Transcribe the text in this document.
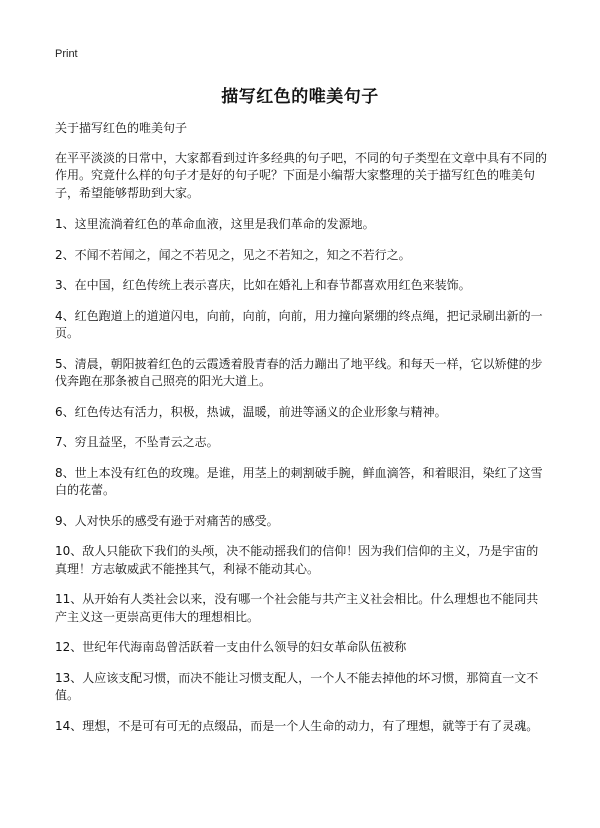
Print
描写红色的唯美句子

关于描写红色的唯美句子

在平平淡淡的日常中，大家都看到过许多经典的句子吧，不同的句子类型在文章中具有不同的作用。究竟什么样的句子才是好的句子呢？下面是小编帮大家整理的关于描写红色的唯美句子，希望能够帮助到大家。

1、这里流淌着红色的革命血液，这里是我们革命的发源地。
2、不闻不若闻之，闻之不若见之，见之不若知之，知之不若行之。
3、在中国，红色传统上表示喜庆，比如在婚礼上和春节都喜欢用红色来装饰。
4、红色跑道上的道道闪电，向前，向前，向前，用力撞向紧绷的终点绳，把记录刷出新的一页。
5、清晨，朝阳披着红色的云霞透着股青春的活力蹦出了地平线。和每天一样，它以矫健的步伐奔跑在那条被自己照亮的阳光大道上。
6、红色传达有活力，积极，热诚，温暖，前进等涵义的企业形象与精神。
7、穷且益坚，不坠青云之志。
8、世上本没有红色的玫瑰。是谁，用茎上的刺割破手腕，鲜血滴答，和着眼泪，染红了这雪白的花蕾。
9、人对快乐的感受有逊于对痛苦的感受。
10、敌人只能砍下我们的头颅，决不能动摇我们的信仰！因为我们信仰的主义，乃是宇宙的真理！方志敏威武不能挫其气，利禄不能动其心。
11、从开始有人类社会以来，没有哪一个社会能与共产主义社会相比。什么理想也不能同共产主义这一更崇高更伟大的理想相比。
12、世纪年代海南岛曾活跃着一支由什么领导的妇女革命队伍被称
13、人应该支配习惯，而决不能让习惯支配人，一个人不能去掉他的坏习惯，那简直一文不值。
14、理想，不是可有可无的点缀品，而是一个人生命的动力，有了理想，就等于有了灵魂。
